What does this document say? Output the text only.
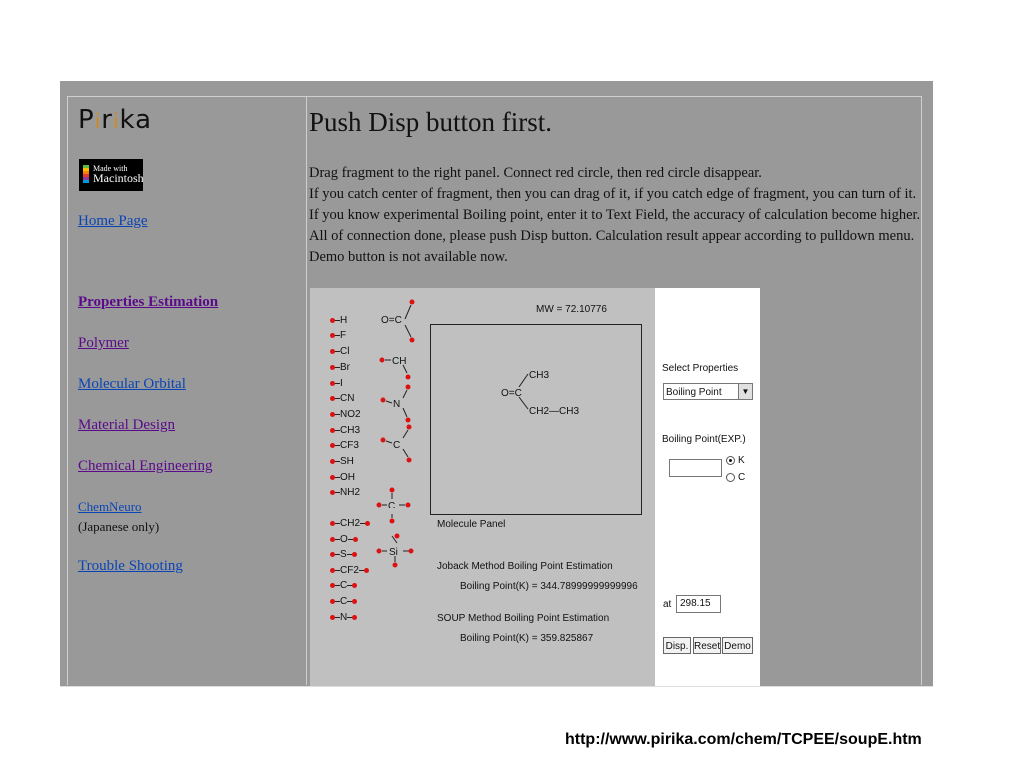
Pirika
Made with
Macintosh
Home Page
Properties Estimation
Polymer
Molecular Orbital
Material Design
Chemical Engineering
ChemNeuro
(Japanese only)
Trouble Shooting
Push Disp button first.
Drag fragment to the right panel. Connect red circle, then red circle disappear.
If you catch center of fragment, then you can drag of it, if you catch edge of fragment, you can turn of it.
If you know experimental Boiling point, enter it to Text Field, the accuracy of calculation become higher.
All of connection done, please push Disp button. Calculation result appear according to pulldown menu.
Demo button is not available now.
H
F
Cl
Br
I
CN
NO2
CH3
CF3
SH
OH
NH2
CH2
O
S
CF2
C
C
N
O=C
CH
N
C
C
Si
MW = 72.10776
CH3
O=C
CH2—CH3
Molecule Panel
Joback Method Boiling Point Estimation
Boiling Point(K) = 344.78999999999996
SOUP Method Boiling Point Estimation
Boiling Point(K) = 359.825867
Select Properties
Boiling Point	▼
Boiling Point(EXP.)
K
C
at 298.15
Disp. Reset Demo
http://www.pirika.com/chem/TCPEE/soupE.htm
